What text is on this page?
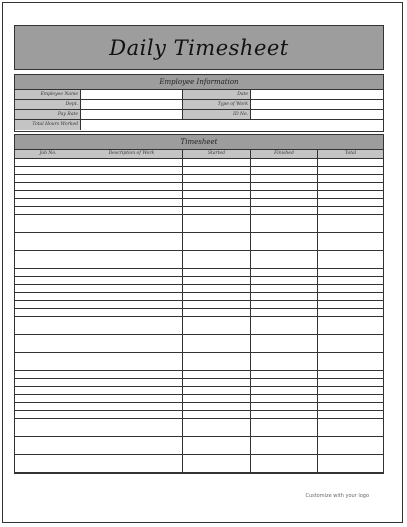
Daily Timesheet
Employee Information
Employee Name	Date
Dept.	Type of Work
Pay Rate	ID No.
Total Hours Worked
Timesheet
Job No.	Description of Work	Started	Finished	Total
Customize with your logo
